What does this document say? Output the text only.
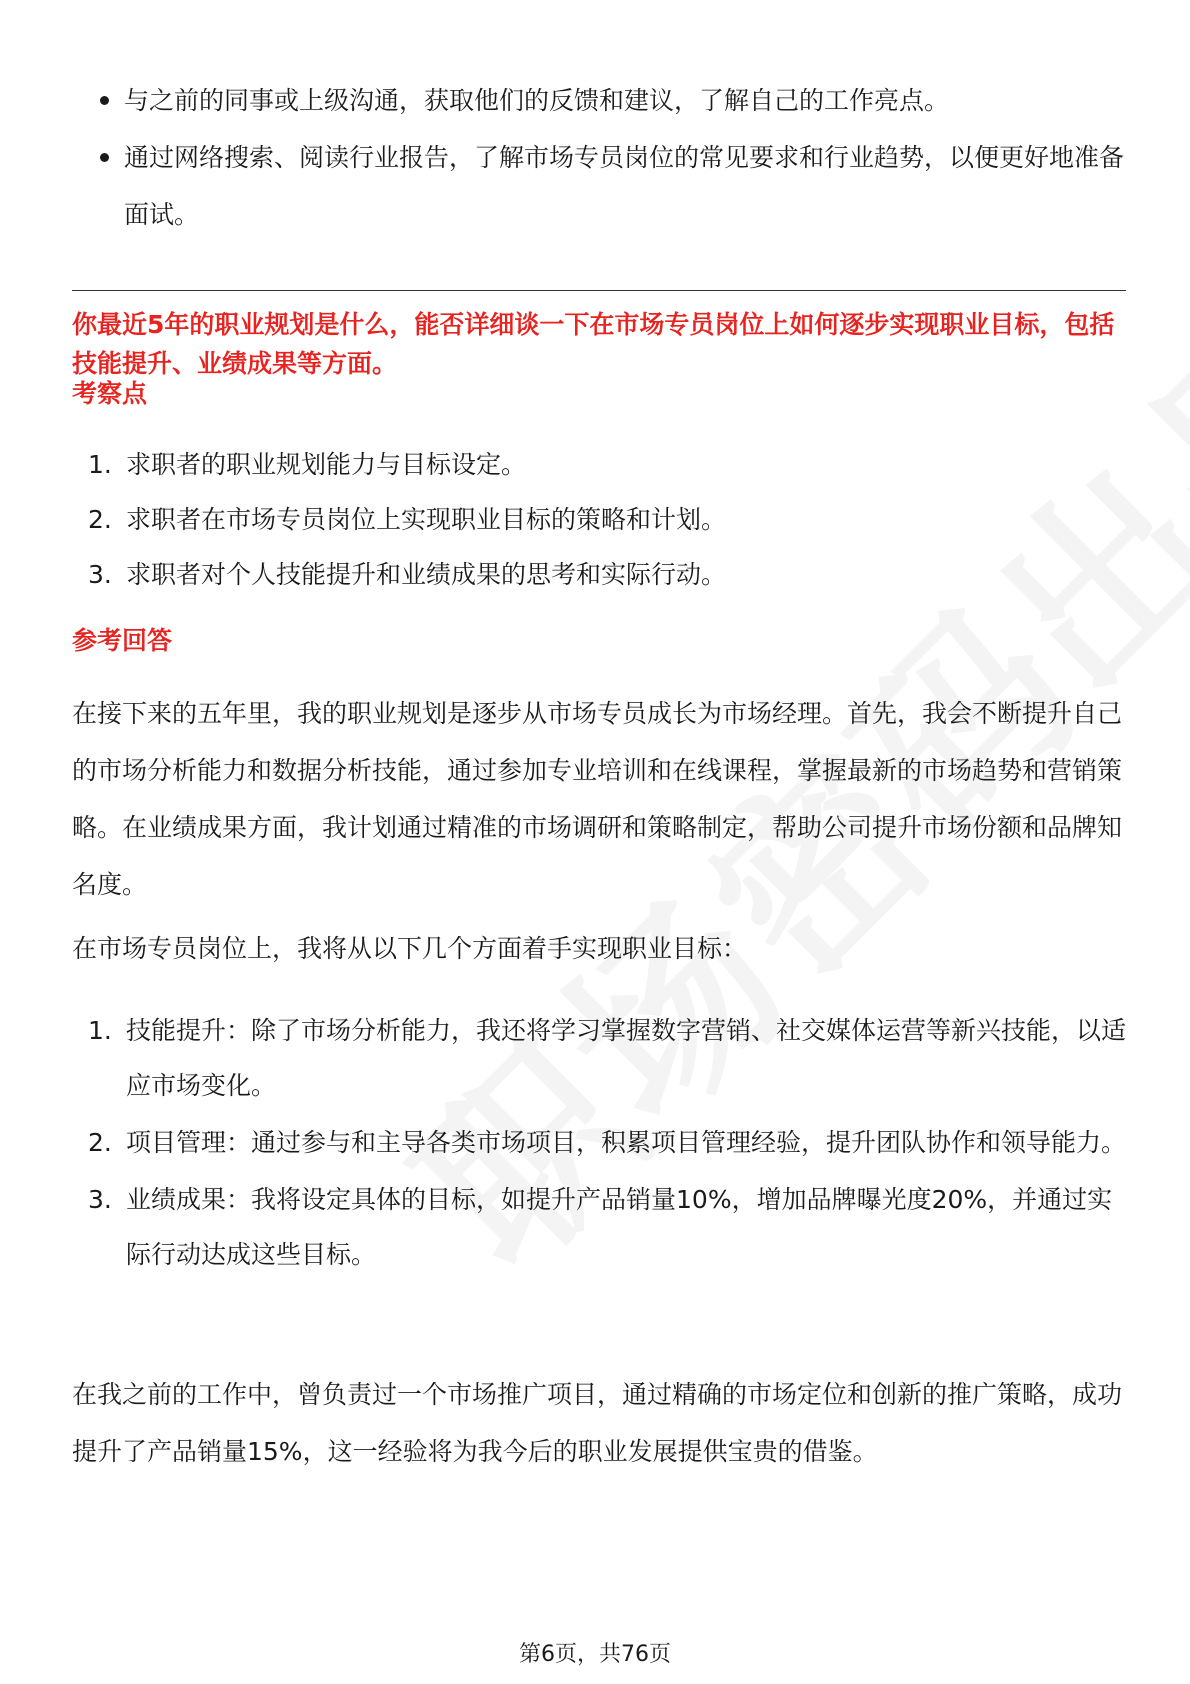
与之前的同事或上级沟通，获取他们的反馈和建议，了解自己的工作亮点。
通过网络搜索、阅读行业报告，了解市场专员岗位的常见要求和行业趋势，以便更好地准备面试。

你最近5年的职业规划是什么，能否详细谈一下在市场专员岗位上如何逐步实现职业目标，包括技能提升、业绩成果等方面。

考察点
1. 求职者的职业规划能力与目标设定。
2. 求职者在市场专员岗位上实现职业目标的策略和计划。
3. 求职者对个人技能提升和业绩成果的思考和实际行动。
参考回答

在接下来的五年里，我的职业规划是逐步从市场专员成长为市场经理。首先，我会不断提升自己的市场分析能力和数据分析技能，通过参加专业培训和在线课程，掌握最新的市场趋势和营销策略。在业绩成果方面，我计划通过精准的市场调研和策略制定，帮助公司提升市场份额和品牌知名度。

在市场专员岗位上，我将从以下几个方面着手实现职业目标：

1. 技能提升：除了市场分析能力，我还将学习掌握数字营销、社交媒体运营等新兴技能，以适应市场变化。
2. 项目管理：通过参与和主导各类市场项目，积累项目管理经验，提升团队协作和领导能力。
3. 业绩成果：我将设定具体的目标，如提升产品销量10%，增加品牌曝光度20%，并通过实际行动达成这些目标。

在我之前的工作中，曾负责过一个市场推广项目，通过精确的市场定位和创新的推广策略，成功提升了产品销量15%，这一经验将为我今后的职业发展提供宝贵的借鉴。

第6页，共76页
